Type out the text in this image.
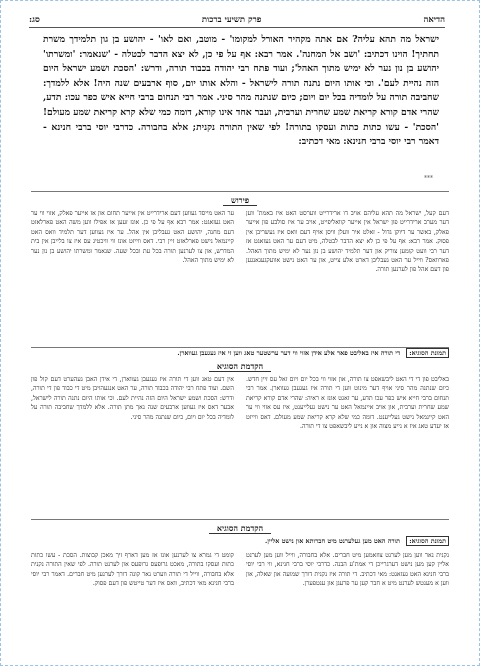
הדיאה
פרק תשיעי ברכות
סג:

ישראל מה תהא עליה? אם אתה מקהיר האורל למקומו' - מוטב, ואם לאו' - יהושע בן גון תלמידך משרת תחתיך! הוינו דכתיב: 'ושב אל המחנה'. אמר רבא: אף על פי כן, לא יצא הדבר לבטלה - 'שנאמר: 'ומשרתו' יהושע בן נון נער לא ימיש מתוך האהל'; ועוד פתח רבי יהודה בכבוד תורה, ודרש: 'הסכת ושמע ישראל היום הזה נהיית לעם'. וכי אותו היום נתנה תורה לישראל - והלא אותו יום, סוף ארבעים שנה היה! אלא ללמדך: שחביבה תורה על לומדיה בכל יום ויום; כיום שנתנה מהר סיני. אמר רבי תנחום ברבי חייא איש כפר עכו: תדע, שהרי אדם קורא קריאת שמע שחרית וערבית, ועבר אחד אינו קורא, דומה כמי שלא קרא קריאת שמע מעולם! 'הסכת' - עשו כתות כתות ועסקו בתורה! לפי שאין התורה נקנית; אלא בחבורה. כדרבי יוסי ברבי חנינא - דאמר רבי יוסי ברבי חנינא: מאי דכתיב:

***
פירוש
דעם קעל, ישראל מה תהא עליהם אויב דו ארידרייט ווערסט האט איז באמת' ווען דער מערב ארידרייט פון ישראל אין אייער קוואליפייט, אויב ער איז סולבע פון אייער פאלק, באשר ער דיוקן גדול - זאלט איר וועלן וויסן אויף דעם וואס איז געשריבן אין פסוק. אמר רבא: אף על פי כן לא יצא הדבר לבטלה, מיט דעם ער האט געזאגט אז דער רבי וועט קומען צוריק און דער תלמיד יהושע בן נון נער לא ימיש מתוך האהל. פארוואס? ווייל ער האט געבליבן דארט אלע צייט, און ער האט נישט אוועקגעגאנגען פון דעם אהל פון לערנען תורה.
ער האט מייסד געווען דעם ארידרייט אין אייער תחום און אז אייער פאלק, אזוי ווי ער האט געזאגט: אמר רבא אף על פי כן. אונז זעען אז אפילו ווען משה האט פארלאזט דעם מחנה, יהושע האט געבליבן אין אהל. ער איז געווען דער תלמיד וואס האט קיינמאל נישט פארלאזט זיין רבי. דאס ווייזט אונז ווי וויכטיג עס איז צו בלייבן אין בית המדרש, און צו לערנען תורה בכל עת ובכל שעה. שנאמר ומשרתו יהושע בן נון נער לא ימיש מתוך האהל.
תמונת הסוגיא: די תורה איז באליבט פאר אלע אידן אזוי ווי דער ערשטער טאג ווען זי איז געגעבן געווארן.
הקדמת הסוגיא
באליבט פון די די האט ליבשאפט צו תורה, און אזוי ווי בכל יום ויום זאל עס זיין חדש. כיום שנתנה מהר סיני אויף דער מינוט ווען די תורה איז געגעבן געווארן. אמר רבי תנחום ברבי חייא איש כפר עכו תדע, ער זאגט אונז א ראיה: שהרי אדם קורא קריאת שמע שחרית וערבית, און אויב איינמאל האט ער נישט געלייענט, איז עס אזוי ווי ער האט קיינמאל נישט געלייענט. דומה כמי שלא קרא קריאת שמע מעולם. דאס ווייזט אז יעדע טאג איז א נייע מצוה און א נייע ליבשאפט צו די תורה.
אין דעם טאג ווען די תורה איז געגעבן געווארן, די אידן האבן געהערט דעם קול פון השם. ועוד פתח רבי יהודה בכבוד תורה, ער האט אנגעהויבן מיט די כבוד פון די תורה, ודרש: הסכת ושמע ישראל היום הזה נהיית לעם. וכי אותו היום נתנה תורה לישראל, אבער דאס איז געווען ארבעים שנה נאך מתן תורה. אלא ללמדך שחביבה תורה על לומדיה בכל יום ויום, כיום שנתנה מהר סיני.
הקדמת הסוגיא
תמונת הסוגיא: תורה האט מען געלערנט מיט חברותא און נישט אליין.
נקנית נאר ווען מען לערנט צוזאמען מיט חברים. אלא בחבורה, ווייל ווען מען לערנט אליין קען מען נישט דערגרייכן די אמת'ע הבנה. כדרבי יוסי ברבי חנינא, ווי רבי יוסי ברבי חנינא האט געזאגט: מאי דכתיב. די תורה איז נקנית דורך שמועה און שאלה, און ווען א מענטש לערנט מיט א חבר קען ער פרעגן און ענטפערן.
קומט די גמרא צו לערנען אונז אז מען דארף זיך מאכן קבוצות. הסכת - עשו כתות כתות ועסקו בתורה, מאכט גרופעס גרופעס און לערנט תורה. לפי שאין התורה נקנית אלא בחבורה, ווייל די תורה ווערט נאר קונה דורך לערנען מיט חברים. דאמר רבי יוסי ברבי חנינא מאי דכתיב, וואס איז דער טייטש פון דעם פסוק.
